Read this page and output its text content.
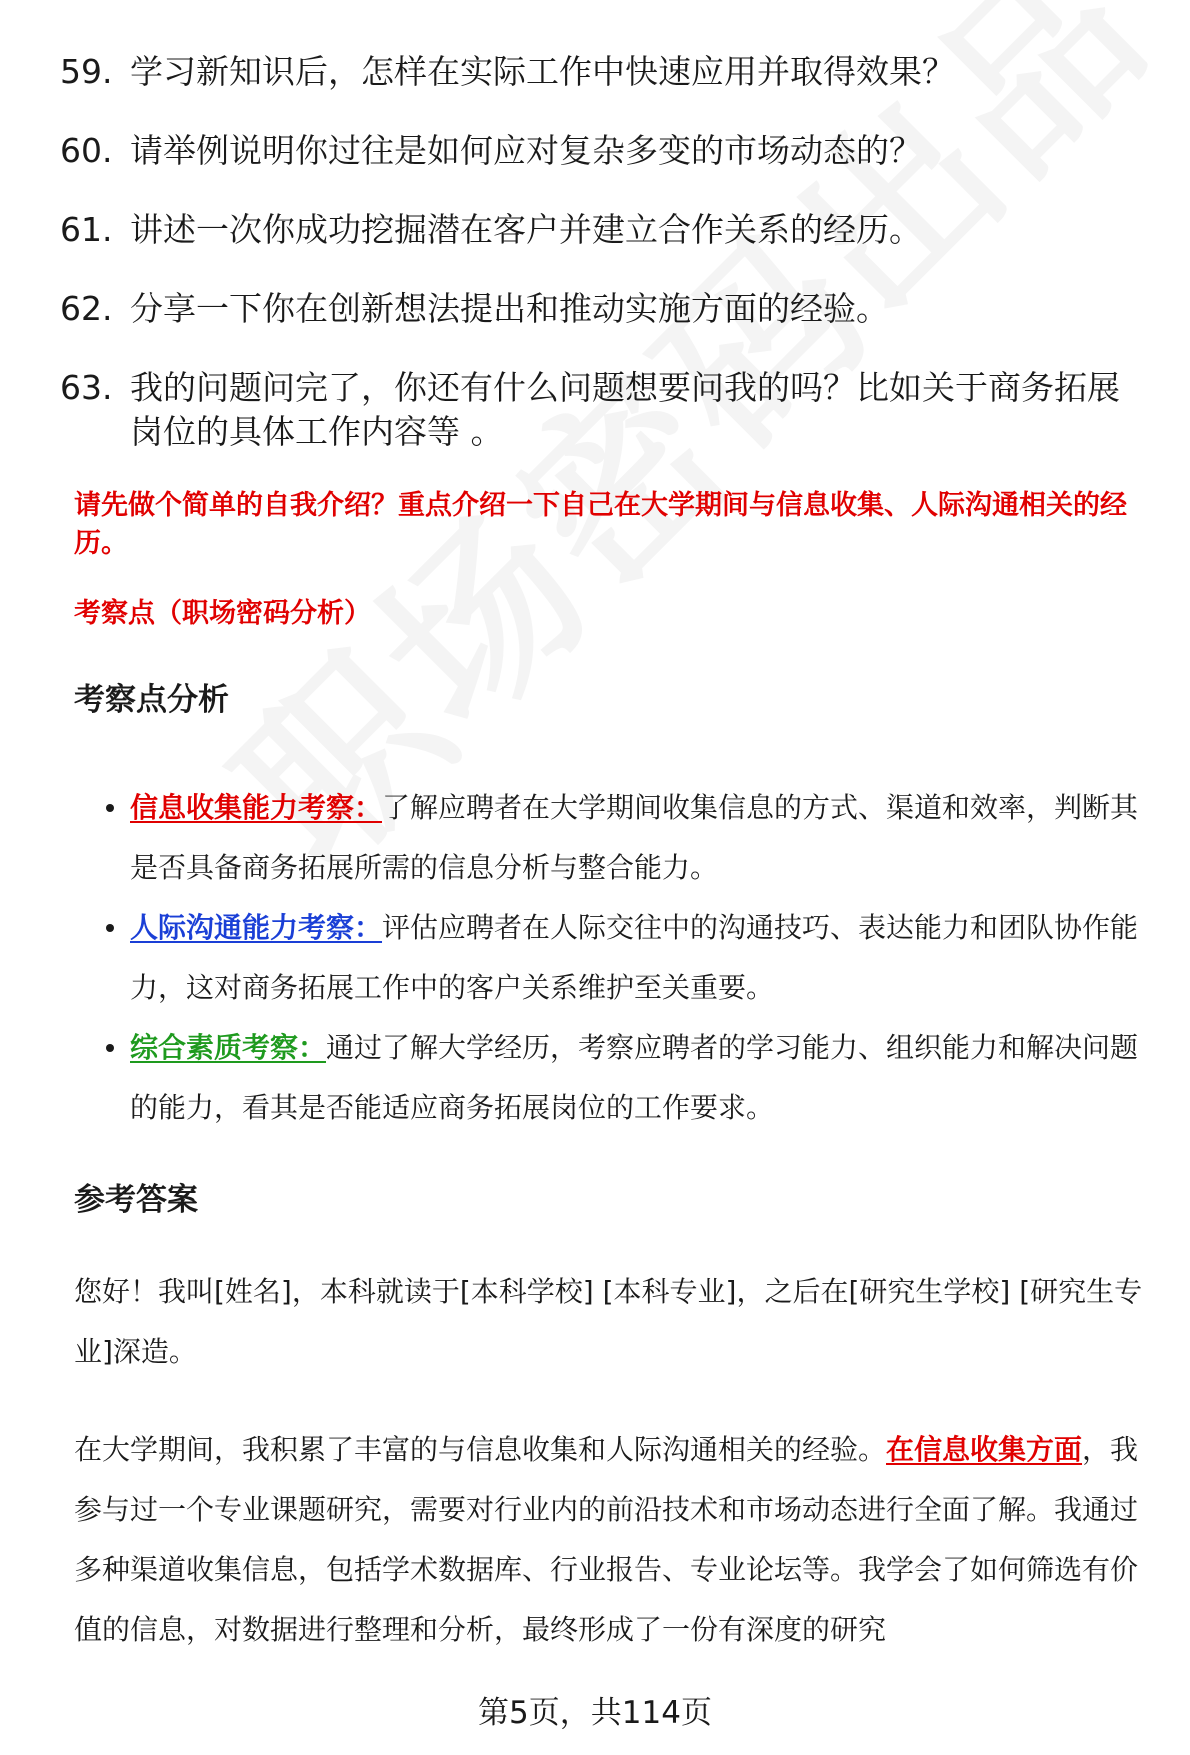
59. 学习新知识后，怎样在实际工作中快速应用并取得效果？
60. 请举例说明你过往是如何应对复杂多变的市场动态的？
61. 讲述一次你成功挖掘潜在客户并建立合作关系的经历。
62. 分享一下你在创新想法提出和推动实施方面的经验。
63. 我的问题问完了，你还有什么问题想要问我的吗？比如关于商务拓展岗位的具体工作内容等 。
请先做个简单的自我介绍？重点介绍一下自己在大学期间与信息收集、人际沟通相关的经历。
考察点（职场密码分析）
考察点分析
信息收集能力考察：了解应聘者在大学期间收集信息的方式、渠道和效率，判断其是否具备商务拓展所需的信息分析与整合能力。
人际沟通能力考察：评估应聘者在人际交往中的沟通技巧、表达能力和团队协作能力，这对商务拓展工作中的客户关系维护至关重要。
综合素质考察：通过了解大学经历，考察应聘者的学习能力、组织能力和解决问题的能力，看其是否能适应商务拓展岗位的工作要求。
参考答案
您好！我叫[姓名]，本科就读于[本科学校] [本科专业]，之后在[研究生学校] [研究生专业]深造。
在大学期间，我积累了丰富的与信息收集和人际沟通相关的经验。在信息收集方面，我参与过一个专业课题研究，需要对行业内的前沿技术和市场动态进行全面了解。我通过多种渠道收集信息，包括学术数据库、行业报告、专业论坛等。我学会了如何筛选有价值的信息，对数据进行整理和分析，最终形成了一份有深度的研究
第5页，共114页
